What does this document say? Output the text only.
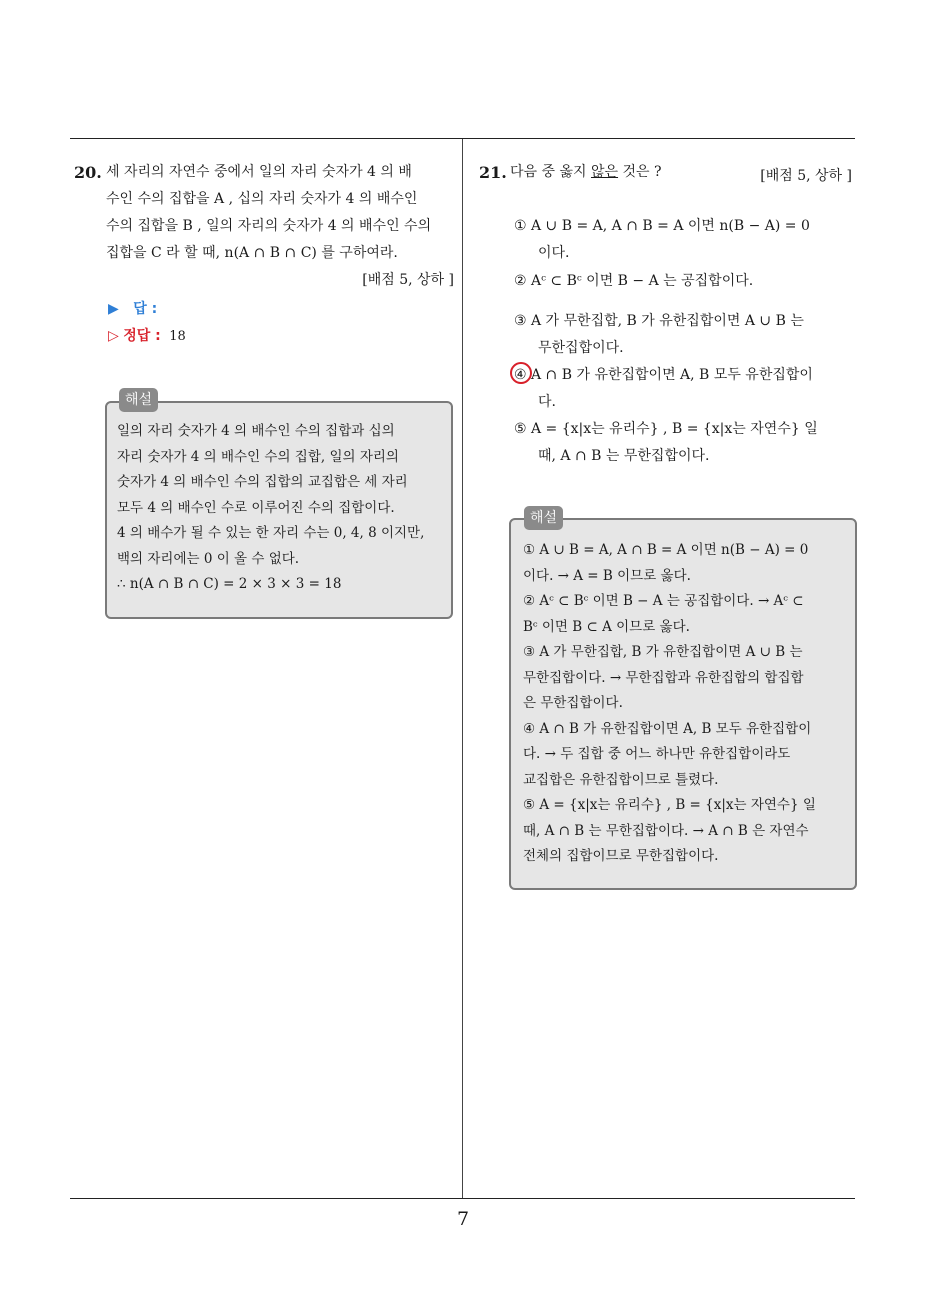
20. 세 자리의 자연수 중에서 일의 자리 숫자가 4 의 배
수인 수의 집합을 A , 십의 자리 숫자가 4 의 배수인
수의 집합을 B , 일의 자리의 숫자가 4 의 배수인 수의
집합을 C 라 할 때, n(A ∩ B ∩ C) 를 구하여라.
[배점 5, 상하 ]
▶ 답 :
▷ 정답 : 18
일의 자리 숫자가 4 의 배수인 수의 집합과 십의
자리 숫자가 4 의 배수인 수의 집합, 일의 자리의
숫자가 4 의 배수인 수의 집합의 교집합은 세 자리
모두 4 의 배수인 수로 이루어진 수의 집합이다.
4 의 배수가 될 수 있는 한 자리 수는 0, 4, 8 이지만,
백의 자리에는 0 이 올 수 없다.
∴ n(A ∩ B ∩ C) = 2 × 3 × 3 = 18
해설
21. 다음 중 옳지 않은 것은 ?	[배점 5, 상하 ]
① A ∪ B = A, A ∩ B = A 이면 n(B − A) = 0
이다.
② Aᶜ ⊂ Bᶜ 이면 B − A 는 공집합이다.
③ A 가 무한집합, B 가 유한집합이면 A ∪ B 는
무한집합이다.
④ A ∩ B 가 유한집합이면 A, B 모두 유한집합이
다.
⑤ A = {x|x는 유리수} , B = {x|x는 자연수} 일
때, A ∩ B 는 무한집합이다.
① A ∪ B = A, A ∩ B = A 이면 n(B − A) = 0
이다. → A = B 이므로 옳다.
② Aᶜ ⊂ Bᶜ 이면 B − A 는 공집합이다. → Aᶜ ⊂
Bᶜ 이면 B ⊂ A 이므로 옳다.
③ A 가 무한집합, B 가 유한집합이면 A ∪ B 는
무한집합이다. → 무한집합과 유한집합의 합집합
은 무한집합이다.
④ A ∩ B 가 유한집합이면 A, B 모두 유한집합이
다. → 두 집합 중 어느 하나만 유한집합이라도
교집합은 유한집합이므로 틀렸다.
⑤ A = {x|x는 유리수} , B = {x|x는 자연수} 일
때, A ∩ B 는 무한집합이다. → A ∩ B 은 자연수
전체의 집합이므로 무한집합이다.
해설
7
